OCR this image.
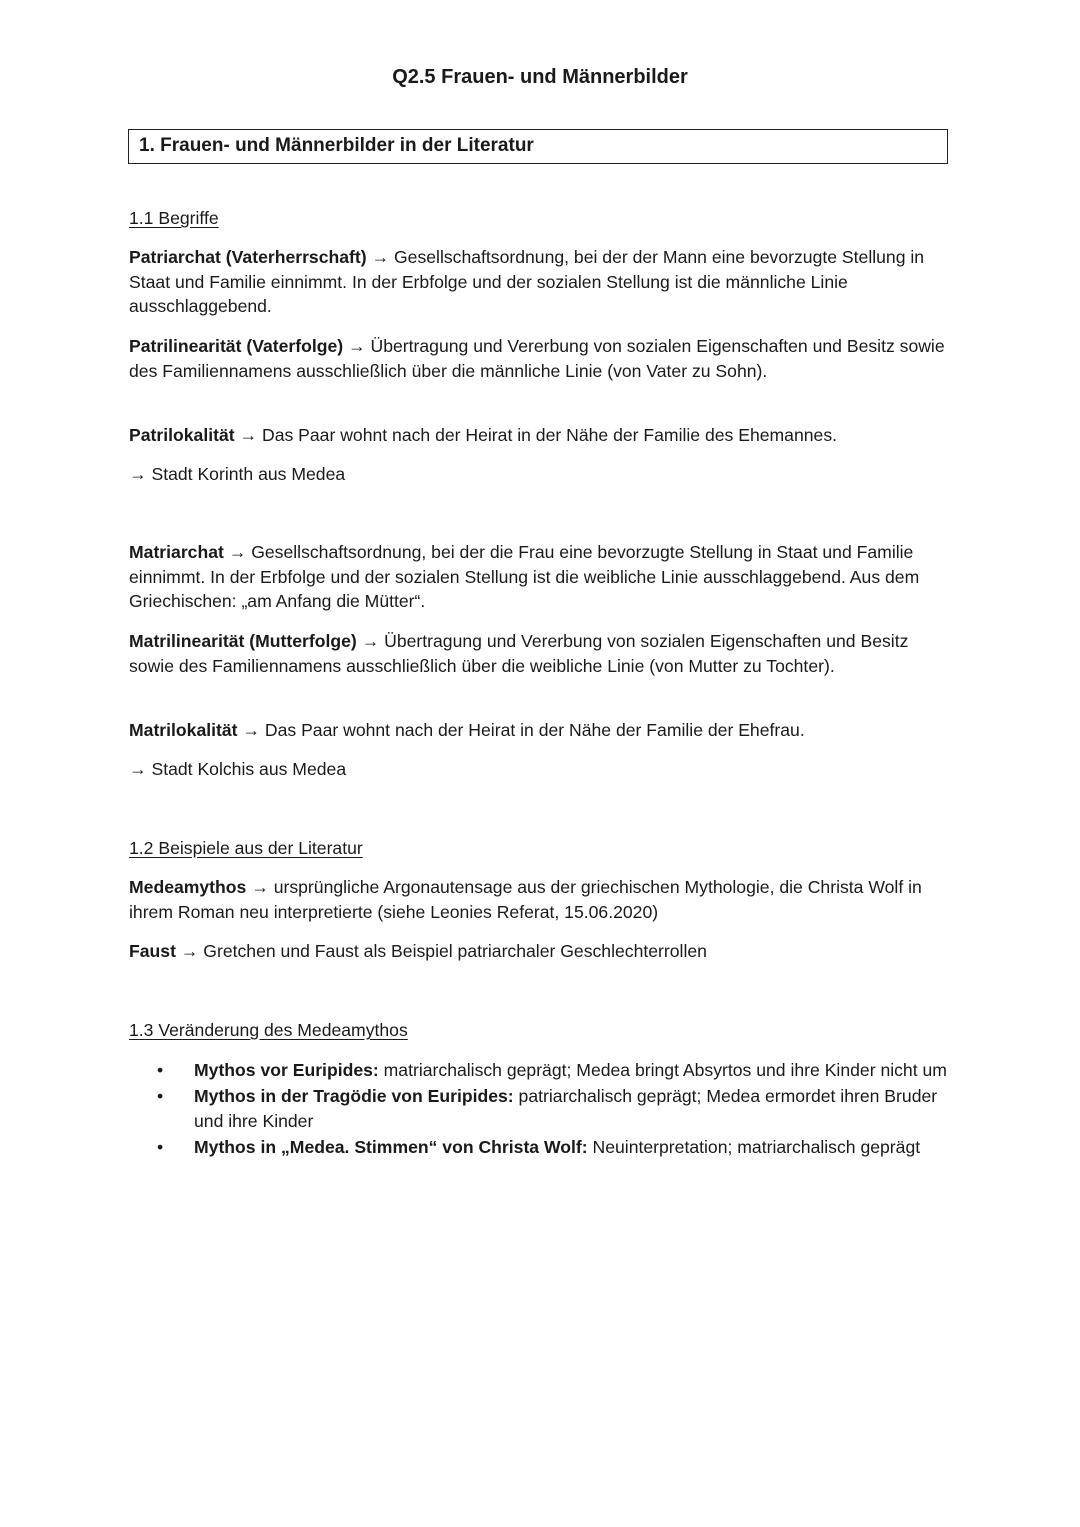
Q2.5 Frauen- und Männerbilder
1. Frauen- und Männerbilder in der Literatur
1.1 Begriffe
Patriarchat (Vaterherrschaft) → Gesellschaftsordnung, bei der der Mann eine bevorzugte Stellung in Staat und Familie einnimmt. In der Erbfolge und der sozialen Stellung ist die männliche Linie ausschlaggebend.
Patrilinearität (Vaterfolge) → Übertragung und Vererbung von sozialen Eigenschaften und Besitz sowie des Familiennamens ausschließlich über die männliche Linie (von Vater zu Sohn).
Patrilokalität → Das Paar wohnt nach der Heirat in der Nähe der Familie des Ehemannes.
→ Stadt Korinth aus Medea
Matriarchat → Gesellschaftsordnung, bei der die Frau eine bevorzugte Stellung in Staat und Familie einnimmt. In der Erbfolge und der sozialen Stellung ist die weibliche Linie ausschlaggebend. Aus dem Griechischen: „am Anfang die Mütter“.
Matrilinearität (Mutterfolge) → Übertragung und Vererbung von sozialen Eigenschaften und Besitz sowie des Familiennamens ausschließlich über die weibliche Linie (von Mutter zu Tochter).
Matrilokalität → Das Paar wohnt nach der Heirat in der Nähe der Familie der Ehefrau.
→ Stadt Kolchis aus Medea
1.2 Beispiele aus der Literatur
Medeamythos → ursprüngliche Argonautensage aus der griechischen Mythologie, die Christa Wolf in ihrem Roman neu interpretierte (siehe Leonies Referat, 15.06.2020)
Faust → Gretchen und Faust als Beispiel patriarchaler Geschlechterrollen
1.3 Veränderung des Medeamythos
• Mythos vor Euripides: matriarchalisch geprägt; Medea bringt Absyrtos und ihre Kinder nicht um
• Mythos in der Tragödie von Euripides: patriarchalisch geprägt; Medea ermordet ihren Bruder und ihre Kinder
• Mythos in „Medea. Stimmen“ von Christa Wolf: Neuinterpretation; matriarchalisch geprägt
